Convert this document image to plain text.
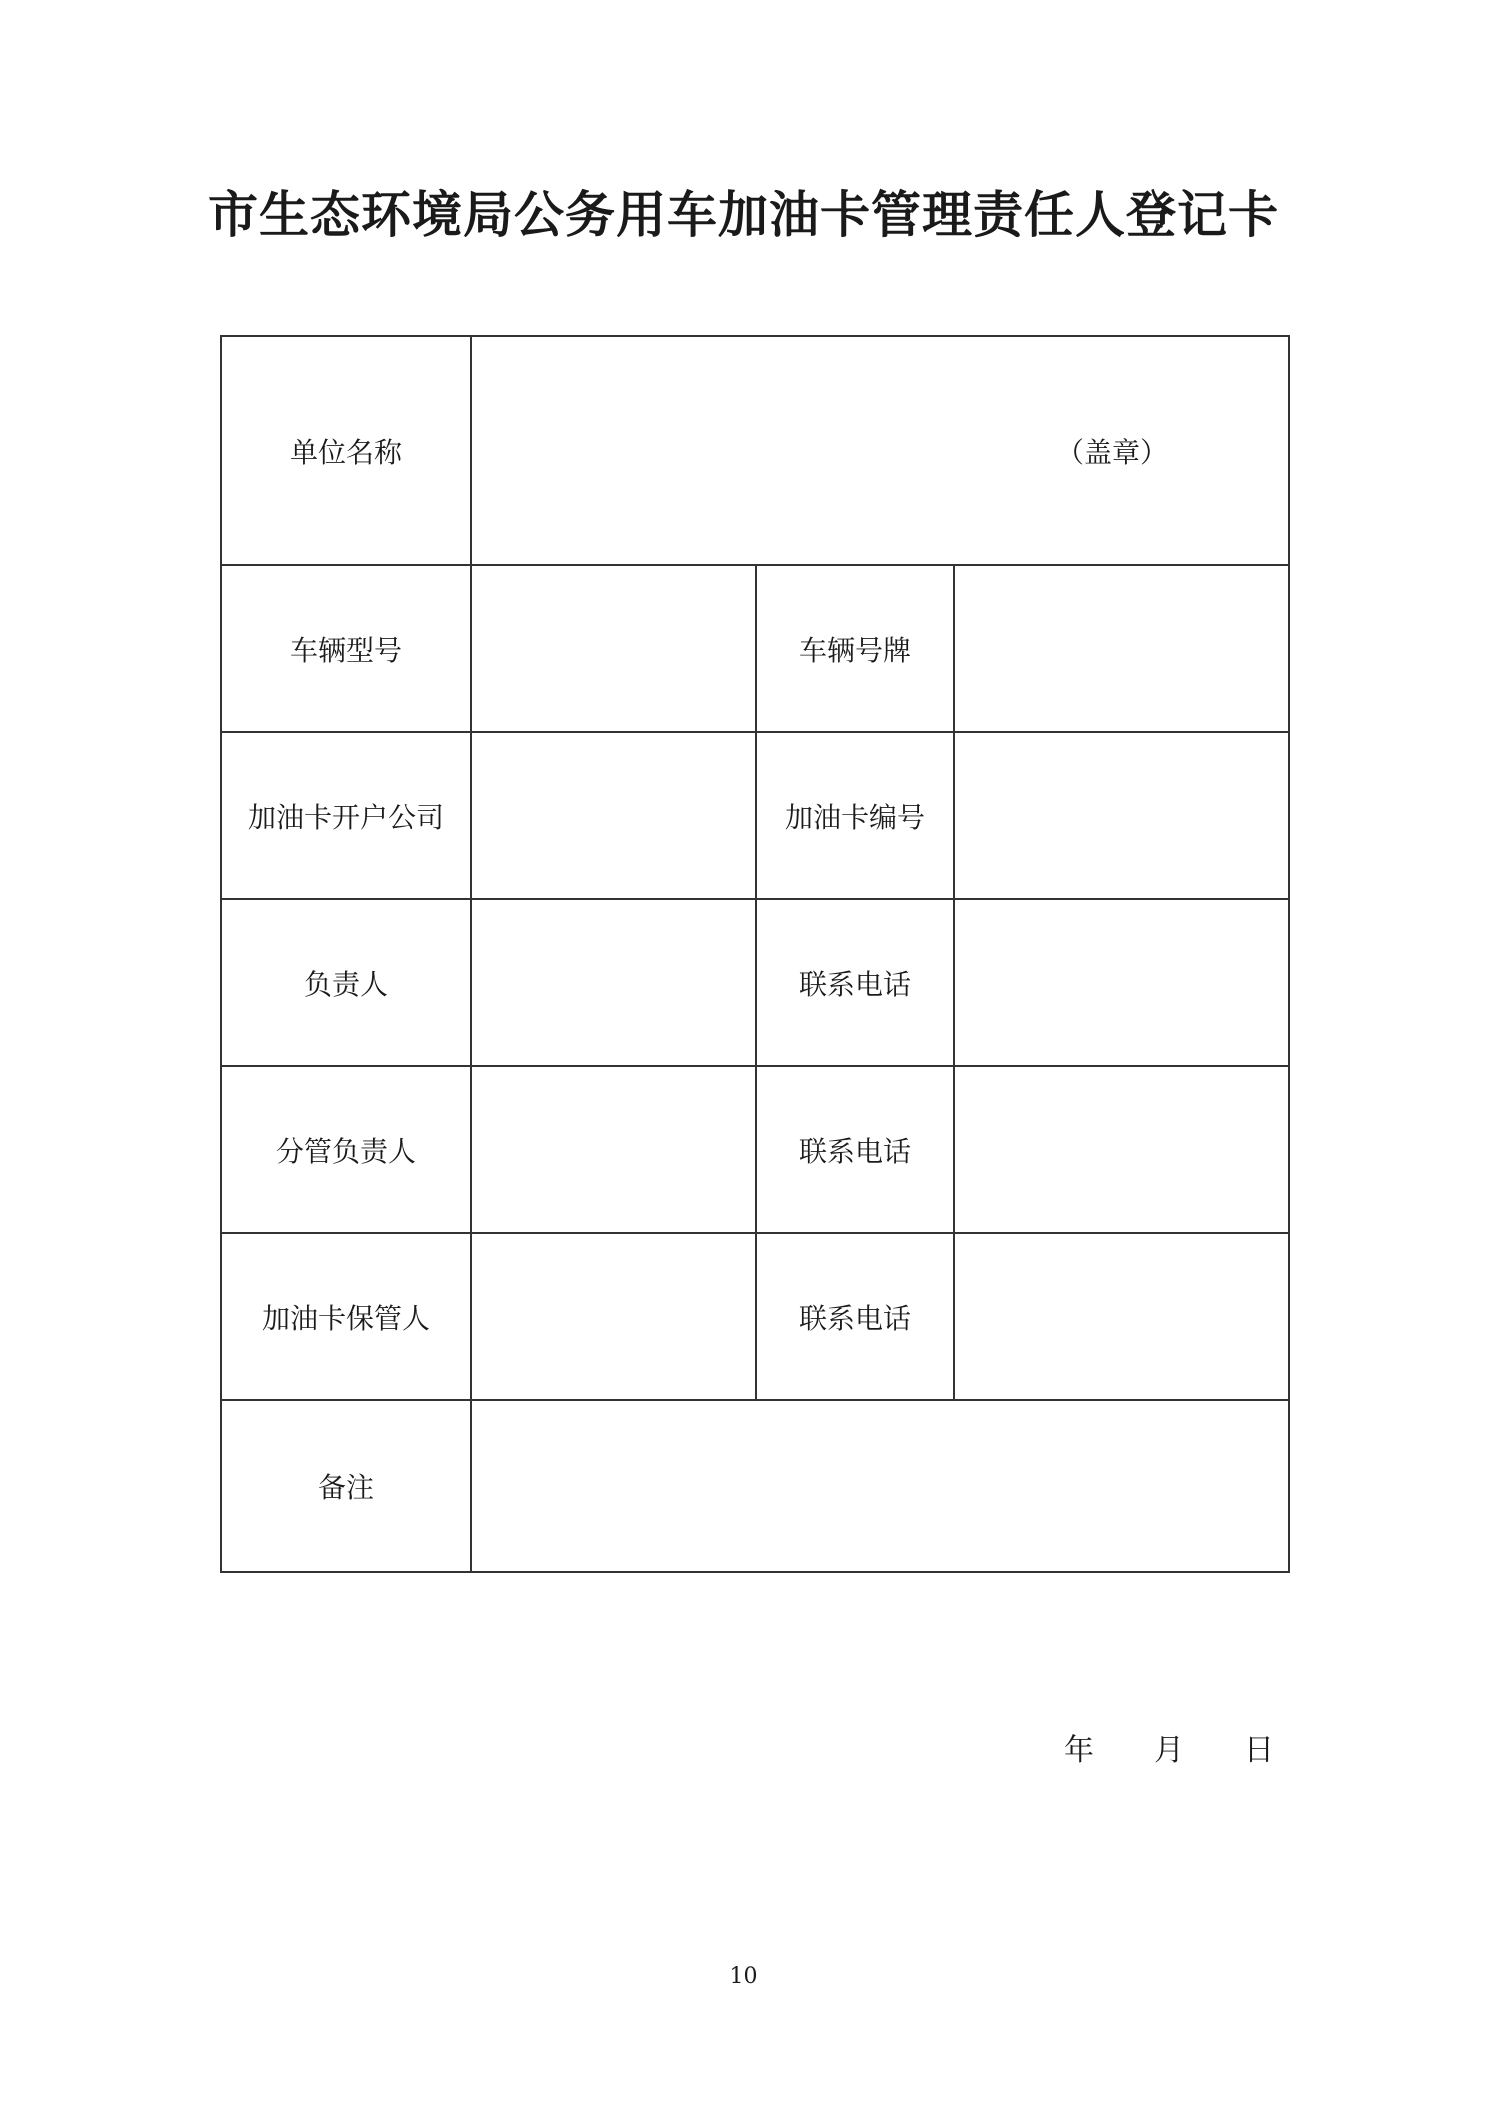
市生态环境局公务用车加油卡管理责任人登记卡
单位名称	（盖章）		

车辆型号		车辆号牌	
加油卡开户公司		加油卡编号	
负责人		联系电话	
分管负责人		联系电话	
加油卡保管人		联系电话	
备注			
年 月 日
10
